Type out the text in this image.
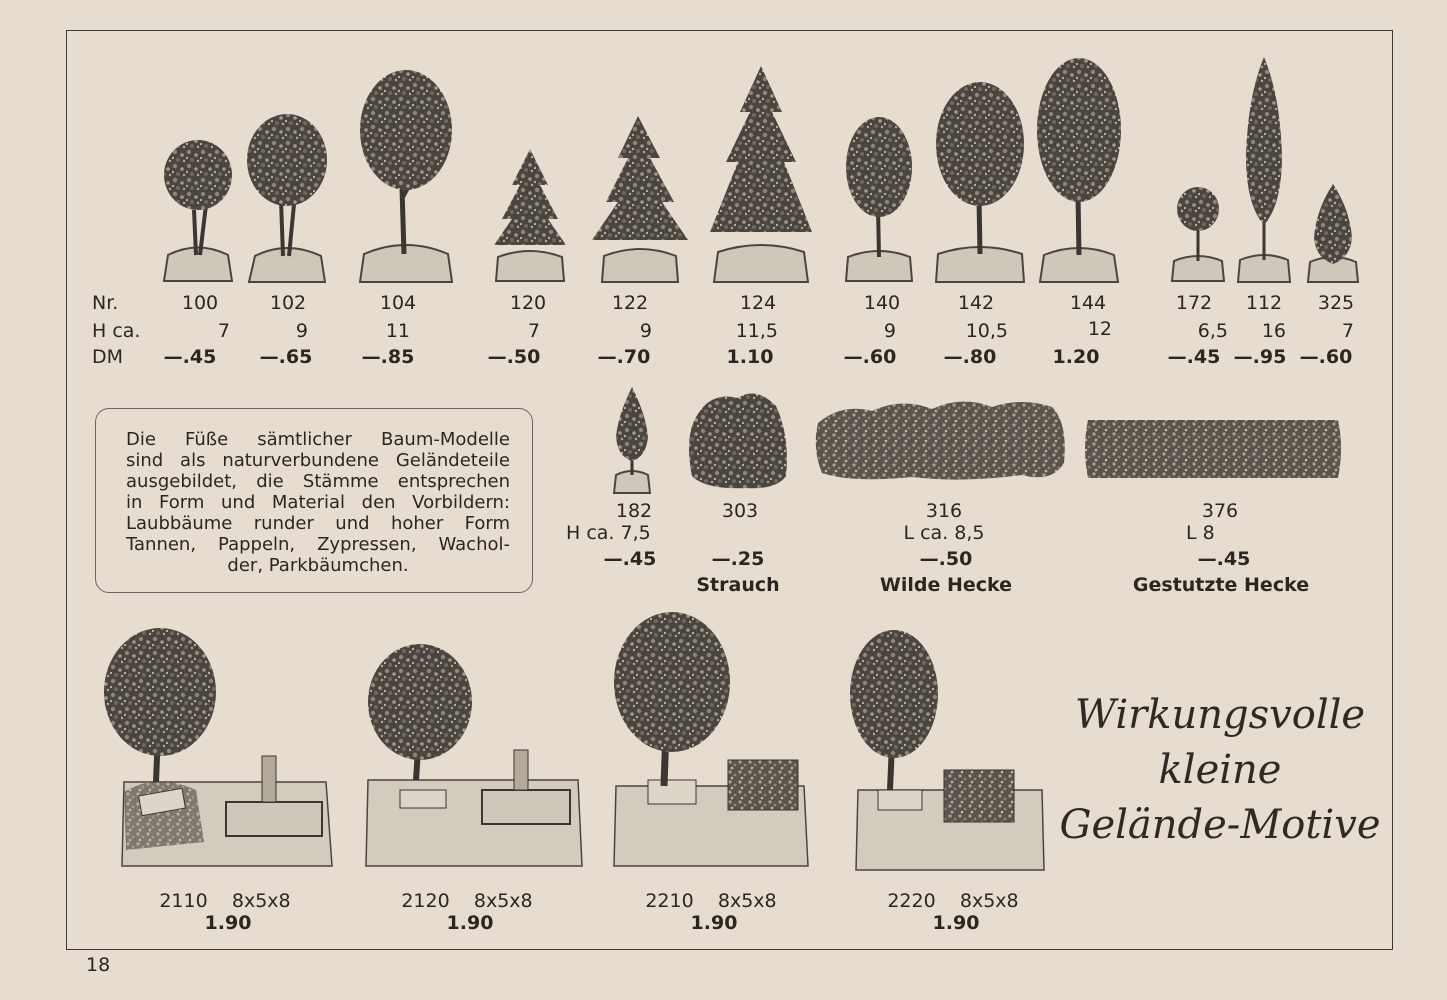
Nr.
H ca.
DM
100
7
—.45
102
9
—.65
104
11
—.85
120
7
—.50
122
9
—.70
124
11,5
1.10
140
9
—.60
142
10,5
—.80
144
12
1.20
172
6,5
—.45
112
16
—.95
325
7
—.60
Die Füße sämtlicher Baum-Modelle
sind als naturverbundene Geländeteile
ausgebildet, die Stämme entsprechen
in Form und Material den Vorbildern:
Laubbäume runder und hoher Form
Tannen, Pappeln, Zypressen, Wachol-
der, Parkbäumchen.
182
H ca. 7,5
—.45
303
—.25
Strauch
316
L ca. 8,5
—.50
Wilde Hecke
376
L 8
—.45
Gestutzte Hecke
2110 8x5x8
1.90
2120 8x5x8
1.90
2210 8x5x8
1.90
2220 8x5x8
1.90
Wirkungsvolle
kleine
Gelände-Motive
18
